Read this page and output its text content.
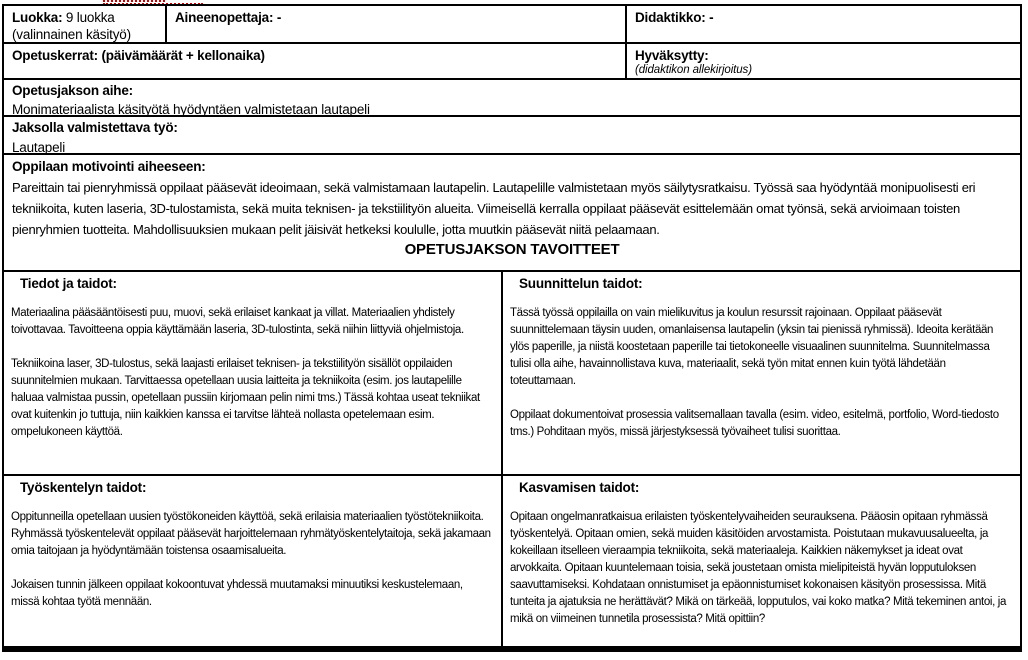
Luokka: 9 luokka
(valinnainen käsityö)
Aineenopettaja: -	Didaktikko: -
Opetuskerrat: (päivämäärät + kellonaika)	Hyväksytty:
(didaktikon allekirjoitus)
Opetusjakson aihe:
Monimateriaalista käsityötä hyödyntäen valmistetaan lautapeli
Jaksolla valmistettava työ:
Lautapeli
Oppilaan motivointi aiheeseen:
Pareittain tai pienryhmissä oppilaat pääsevät ideoimaan, sekä valmistamaan lautapelin. Lautapelille valmistetaan myös säilytysratkaisu. Työssä saa hyödyntää monipuolisesti eri tekniikoita, kuten laseria, 3D-tulostamista, sekä muita teknisen- ja tekstiilityön alueita. Viimeisellä kerralla oppilaat pääsevät esittelemään omat työnsä, sekä arvioimaan toisten pienryhmien tuotteita. Mahdollisuuksien mukaan pelit jäisivät hetkeksi koululle, jotta muutkin pääsevät niitä pelaamaan.
OPETUSJAKSON TAVOITTEET
Tiedot ja taidot:
Materiaalina pääsääntöisesti puu, muovi, sekä erilaiset kankaat ja villat. Materiaalien yhdistely toivottavaa. Tavoitteena oppia käyttämään laseria, 3D-tulostinta, sekä niihin liittyviä ohjelmistoja.
Tekniikoina laser, 3D-tulostus, sekä laajasti erilaiset teknisen- ja tekstiilityön sisällöt oppilaiden suunnitelmien mukaan. Tarvittaessa opetellaan uusia laitteita ja tekniikoita (esim. jos lautapelille haluaa valmistaa pussin, opetellaan pussiin kirjomaan pelin nimi tms.) Tässä kohtaa useat tekniikat ovat kuitenkin jo tuttuja, niin kaikkien kanssa ei tarvitse lähteä nollasta opetelemaan esim. ompelukoneen käyttöä.
Suunnittelun taidot:
Tässä työssä oppilailla on vain mielikuvitus ja koulun resurssit rajoinaan. Oppilaat pääsevät suunnittelemaan täysin uuden, omanlaisensa lautapelin (yksin tai pienissä ryhmissä). Ideoita kerätään ylös paperille, ja niistä koostetaan paperille tai tietokoneelle visuaalinen suunnitelma. Suunnitelmassa tulisi olla aihe, havainnollistava kuva, materiaalit, sekä työn mitat ennen kuin työtä lähdetään toteuttamaan.
Oppilaat dokumentoivat prosessia valitsemallaan tavalla (esim. video, esitelmä, portfolio, Word-tiedosto tms.) Pohditaan myös, missä järjestyksessä työvaiheet tulisi suorittaa.
Työskentelyn taidot:
Oppitunneilla opetellaan uusien työstökoneiden käyttöä, sekä erilaisia materiaalien työstötekniikoita. Ryhmässä työskentelevät oppilaat pääsevät harjoittelemaan ryhmätyöskentelytaitoja, sekä jakamaan omia taitojaan ja hyödyntämään toistensa osaamisalueita.
Jokaisen tunnin jälkeen oppilaat kokoontuvat yhdessä muutamaksi minuutiksi keskustelemaan, missä kohtaa työtä mennään.
Kasvamisen taidot:
Opitaan ongelmanratkaisua erilaisten työskentelyvaiheiden seurauksena. Pääosin opitaan ryhmässä työskentelyä. Opitaan omien, sekä muiden käsitöiden arvostamista. Poistutaan mukavuusalueelta, ja kokeillaan itselleen vieraampia tekniikoita, sekä materiaaleja. Kaikkien näkemykset ja ideat ovat arvokkaita. Opitaan kuuntelemaan toisia, sekä joustetaan omista mielipiteistä hyvän lopputuloksen saavuttamiseksi. Kohdataan onnistumiset ja epäonnistumiset kokonaisen käsityön prosessissa. Mitä tunteita ja ajatuksia ne herättävät? Mikä on tärkeää, lopputulos, vai koko matka? Mitä tekeminen antoi, ja mikä on viimeinen tunnetila prosessista? Mitä opittiin?
